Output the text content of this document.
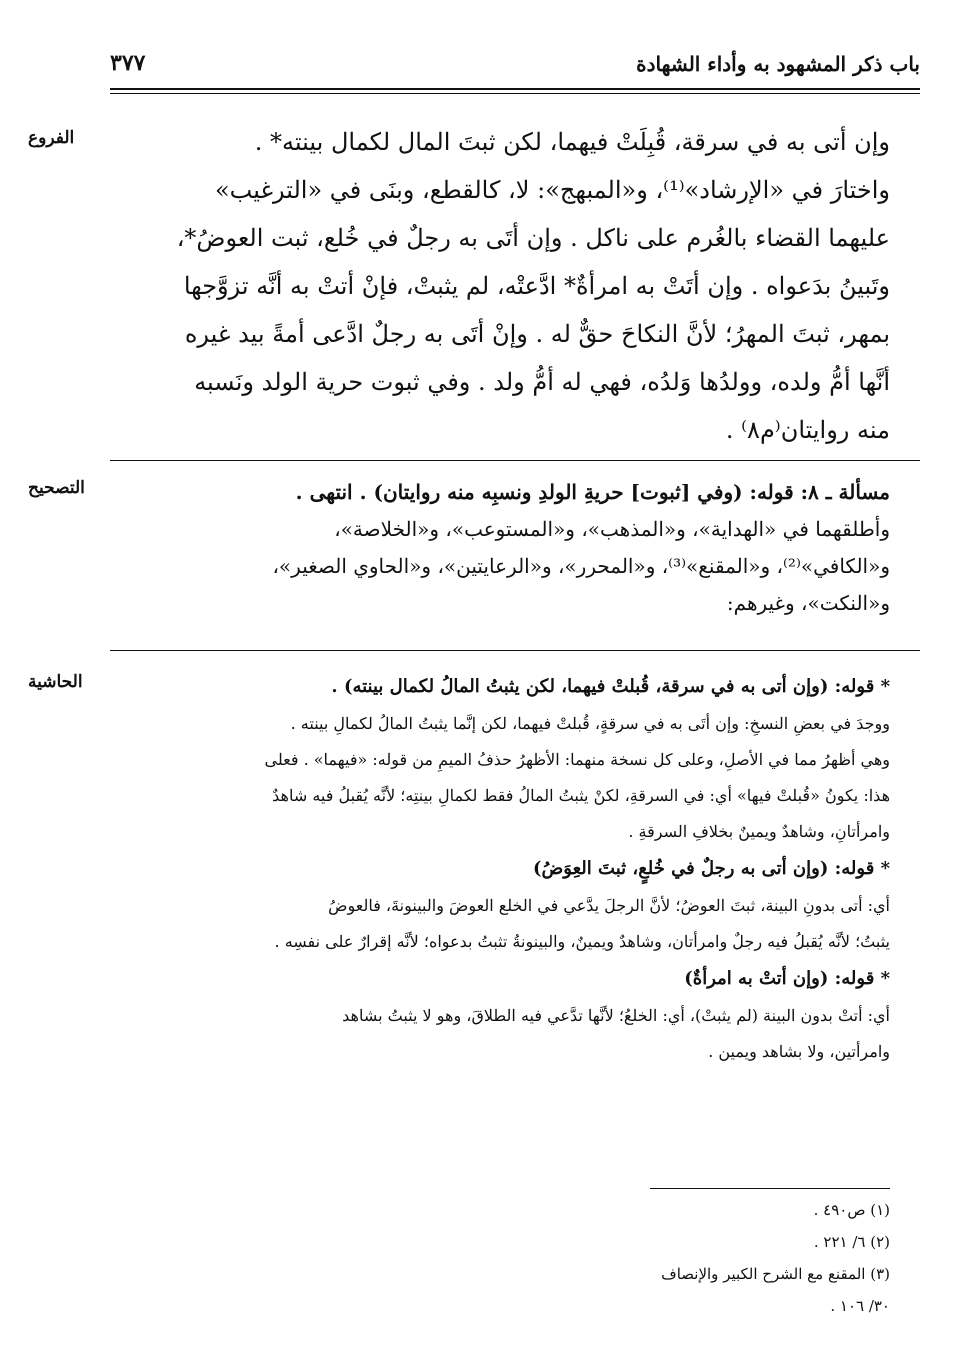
باب ذكر المشهود به وأداء الشهادة
٣٧٧
الفروع	وإن أتى به في سرقة، قُبِلَتْ فيهما، لكن ثبتَ المال لكمال بينته* .

واختارَ في «الإرشاد»⁽¹⁾، و«المبهج»: لا، كالقطع، وبنَى في «الترغيب»

عليهما القضاء بالغُرم على ناكل . وإن أتَى به رجلٌ في خُلع، ثبت العوضُ*،

وتَبينُ بدَعواه . وإن أتَتْ به امرأةٌ* ادَّعتْه، لم يثبتْ، فإنْ أتتْ به أنَّه تزوَّجها

بمهر، ثبتَ المهرُ؛ لأنَّ النكاحَ حقٌّ له . وإنْ أتَى به رجلٌ ادَّعى أمةً بيد غيره

أنَّها أمُّ ولده، وولدُها وَلدُه، فهي له أمُّ ولد . وفي ثبوت حرية الولد ونَسبه

منه روايتان⁽م٨⁾ .

التصحيح	مسألة ـ ٨: قوله: (وفي [ثبوت] حريةِ الولدِ ونسبِه منه روايتان) . انتهى .

وأطلقهما في «الهداية»، و«المذهب»، و«المستوعب»، و«الخلاصة»،

و«الكافي»⁽²⁾، و«المقنع»⁽³⁾، و«المحرر»، و«الرعايتين»، و«الحاوي الصغير»،

و«النكت»، وغيرهم:

الحاشية	* قوله: (وإن أتى به في سرقة، قُبلتْ فيهما، لكن يثبتُ المالُ لكمال بينته) .

ووجدَ في بعضِ النسخِ: وإن أتَى به في سرقةٍ، قُبلتْ فيهما، لكن إنَّما يثبتُ المالُ لكمالِ بينته .

وهي أظهرُ مما في الأصلِ، وعلى كل نسخة منهما: الأظهرُ حذفُ الميمِ من قوله: «فيهما» . فعلى

هذا: يكونُ «قُبلتْ فيها» أي: في السرقةِ، لكنْ يثبتُ المالُ فقط لكمالِ بينتِه؛ لأنَّه يُقبلُ فيه شاهدٌ

وامرأتانِ، وشاهدٌ ويمينٌ بخلافِ السرقةِ .

* قوله: (وإن أتى به رجلٌ في خُلعٍ، ثبتَ العِوَضُ)

أي: أتى بدونِ البينة، ثبتَ العوضُ؛ لأنَّ الرجلَ يدَّعي في الخلع العوضَ والبينونةَ، فالعوضُ

يثبتُ؛ لأنَّه يُقبلُ فيه رجلٌ وامرأتان، وشاهدٌ ويمينٌ، والبينونةُ تثبتُ بدعواه؛ لأنَّه إقرارٌ على نفسِه .

* قوله: (وإن أتتْ به امرأةٌ)

أي: أتتْ بدون البينة (لم يثبتْ)، أي: الخلعُ؛ لأنَّها تدَّعي فيه الطلاقَ، وهو لا يثبتُ بشاهد

وامرأتين، ولا بشاهد ويمين .

(١) ص٤٩٠ .

(٢) ٦/ ٢٢١ .

(٣) المقنع مع الشرح الكبير والإنصاف ٣٠/ ١٠٦ .
